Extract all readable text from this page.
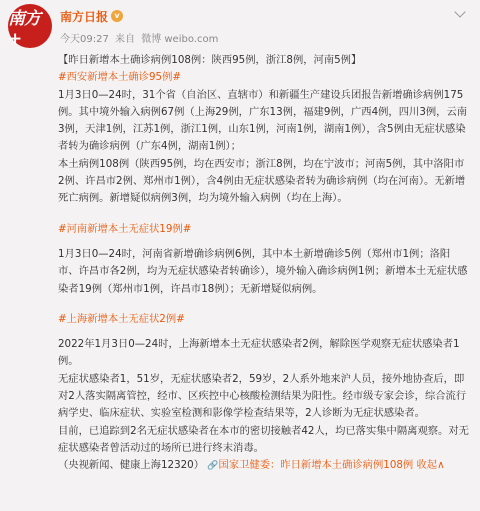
南方+
南方日报 v
今天09:27 来自 微博 weibo.com

【昨日新增本土确诊病例108例：陕西95例，浙江8例，河南5例】

#西安新增本土确诊95例#

1月3日0—24时，31个省（自治区、直辖市）和新疆生产建设兵团报告新增确诊病例175例。其中境外输入病例67例（上海29例，广东13例，福建9例，广西4例，四川3例，云南3例，天津1例，江苏1例，浙江1例，山东1例，河南1例，湖南1例），含5例由无症状感染者转为确诊病例（广东4例，湖南1例）；

本土病例108例（陕西95例，均在西安市；浙江8例，均在宁波市；河南5例，其中洛阳市2例、许昌市2例、郑州市1例），含4例由无症状感染者转为确诊病例（均在河南）。无新增死亡病例。新增疑似病例3例，均为境外输入病例（均在上海）。

#河南新增本土无症状19例#

1月3日0—24时，河南省新增确诊病例6例，其中本土新增确诊5例（郑州市1例；洛阳市、许昌市各2例，均为无症状感染者转确诊），境外输入确诊病例1例；新增本土无症状感染者19例（郑州市1例，许昌市18例）；无新增疑似病例。

#上海新增本土无症状2例#

2022年1月3日0—24时，上海新增本土无症状感染者2例，解除医学观察无症状感染者1例。

无症状感染者1，51岁，无症状感染者2，59岁，2人系外地来沪人员，接外地协查后，即对2人落实隔离管控，经市、区疾控中心核酸检测结果为阳性。经市级专家会诊，综合流行病学史、临床症状、实验室检测和影像学检查结果等，2人诊断为无症状感染者。

目前，已追踪到2名无症状感染者在本市的密切接触者42人，均已落实集中隔离观察。对无症状感染者曾活动过的场所已进行终末消毒。

（央视新闻、健康上海12320） 🔗国家卫健委：昨日新增本土确诊病例108例 收起∧
